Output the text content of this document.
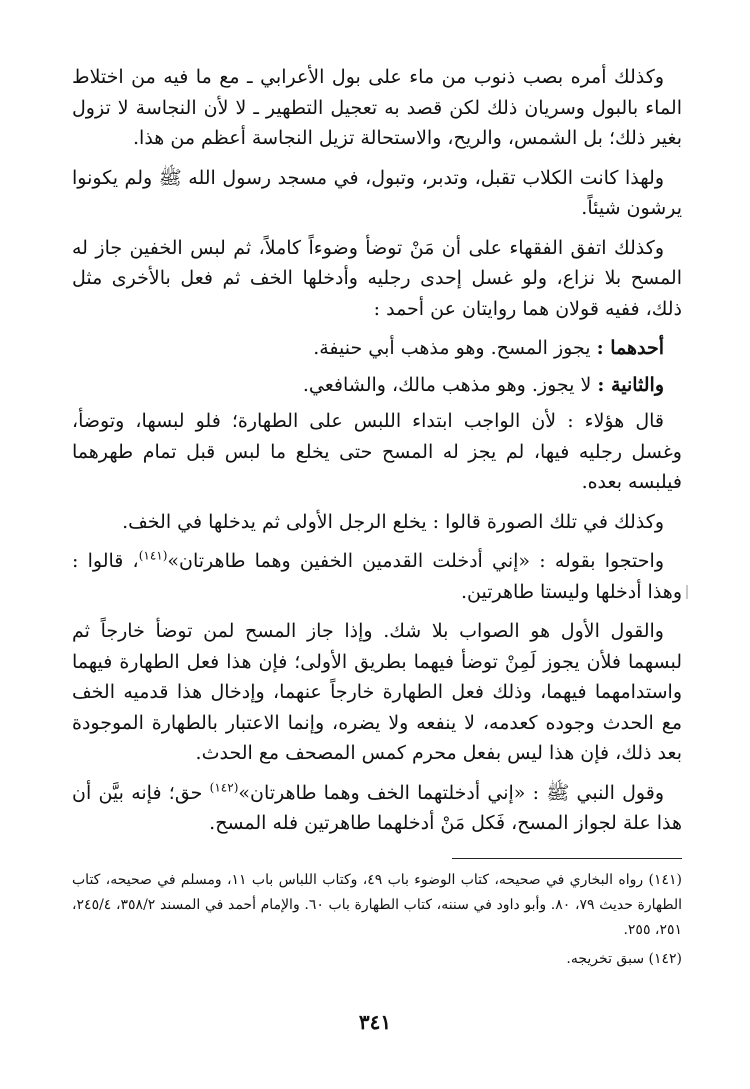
وكذلك أمره بصب ذنوب من ماء على بول الأعرابي ـ مع ما فيه من اختلاط الماء بالبول وسريان ذلك لكن قصد به تعجيل التطهير ـ لا لأن النجاسة لا تزول بغير ذلك؛ بل الشمس، والريح، والاستحالة تزيل النجاسة أعظم من هذا.

ولهذا كانت الكلاب تقبل، وتدبر، وتبول، في مسجد رسول الله ﷺ ولم يكونوا يرشون شيئاً.

وكذلك اتفق الفقهاء على أن مَنْ توضأ وضوءاً كاملاً، ثم لبس الخفين جاز له المسح بلا نزاع، ولو غسل إحدى رجليه وأدخلها الخف ثم فعل بالأخرى مثل ذلك، ففيه قولان هما روايتان عن أحمد :

أحدهما : يجوز المسح. وهو مذهب أبي حنيفة.

والثانية : لا يجوز. وهو مذهب مالك، والشافعي.

قال هؤلاء : لأن الواجب ابتداء اللبس على الطهارة؛ فلو لبسها، وتوضأ، وغسل رجليه فيها، لم يجز له المسح حتى يخلع ما لبس قبل تمام طهرهما فيلبسه بعده.

وكذلك في تلك الصورة قالوا : يخلع الرجل الأولى ثم يدخلها في الخف.

واحتجوا بقوله : «إني أدخلت القدمين الخفين وهما طاهرتان»$^{(١٤١)}$، قالوا : وهذا أدخلها وليستا طاهرتين.

والقول الأول هو الصواب بلا شك. وإذا جاز المسح لمن توضأ خارجاً ثم لبسهما فلأن يجوز لَمِنْ توضأ فيهما بطريق الأولى؛ فإن هذا فعل الطهارة فيهما واستدامهما فيهما، وذلك فعل الطهارة خارجاً عنهما، وإدخال هذا قدميه الخف مع الحدث وجوده كعدمه، لا ينفعه ولا يضره، وإنما الاعتبار بالطهارة الموجودة بعد ذلك، فإن هذا ليس بفعل محرم كمس المصحف مع الحدث.

وقول النبي ﷺ : «إني أدخلتهما الخف وهما طاهرتان»$^{(١٤٢)}$ حق؛ فإنه بيَّن أن هذا علة لجواز المسح، فَكل مَنْ أدخلهما طاهرتين فله المسح.

(١٤١) رواه البخاري في صحيحه، كتاب الوضوء باب ٤٩، وكتاب اللباس باب ١١، ومسلم في صحيحه، كتاب الطهارة حديث ٧٩، ٨٠. وأبو داود في سننه، كتاب الطهارة باب ٦٠. والإمام أحمد في المسند ٣٥٨/٢، ٢٤٥/٤، ٢٥١، ٢٥٥.

(١٤٢) سبق تخريجه.

٣٤١
